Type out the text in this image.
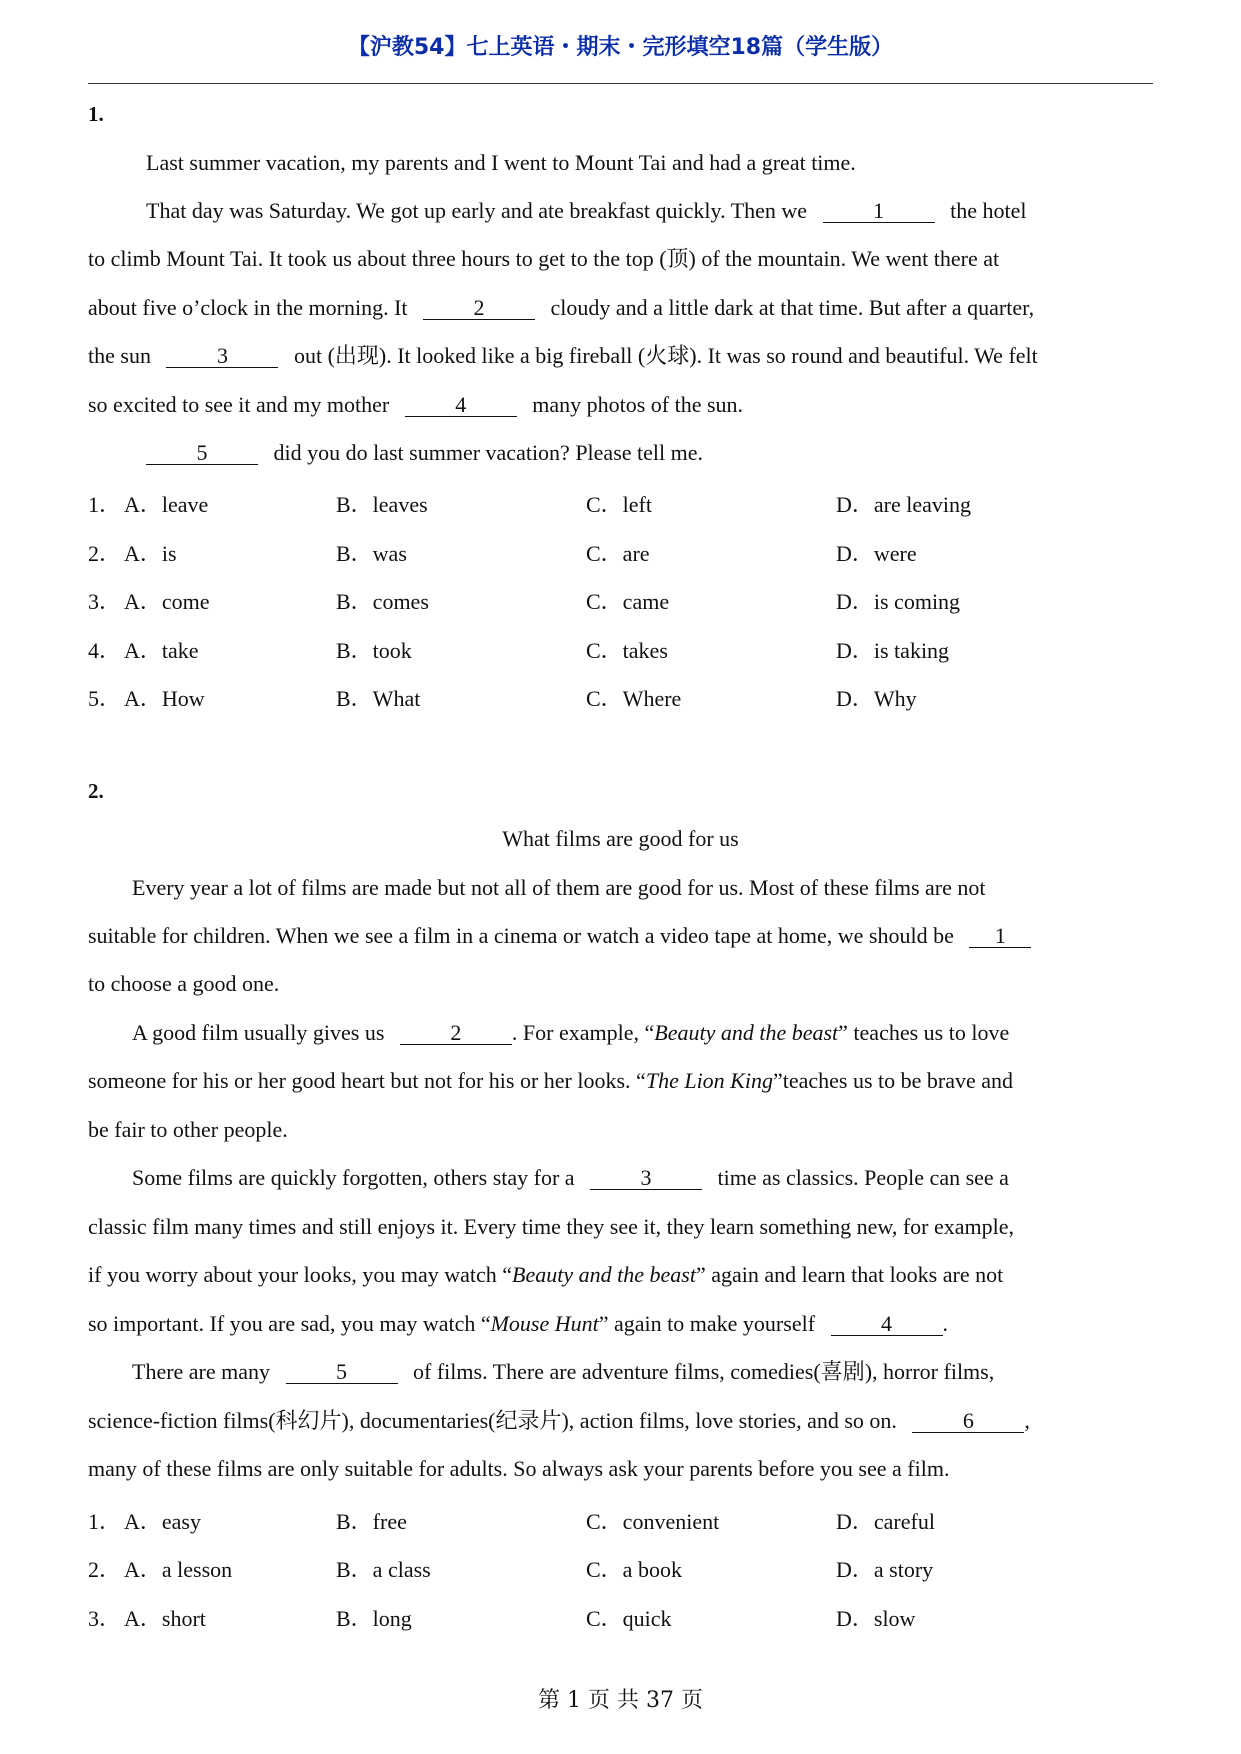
【沪教54】七上英语・期末・完形填空18篇（学生版）
1.
Last summer vacation, my parents and I went to Mount Tai and had a great time.
That day was Saturday. We got up early and ate breakfast quickly. Then we	1	the hotel
to climb Mount Tai. It took us about three hours to get to the top (顶) of the mountain. We went there at
about five o’clock in the morning. It	2	cloudy and a little dark at that time. But after a quarter,
the sun	3	out (出现). It looked like a big fireball (火球). It was so round and beautiful. We felt
so excited to see it and my mother	4	many photos of the sun.
5	did you do last summer vacation? Please tell me.
1． A．leave	B．leaves	C．left	D．are leaving
2． A．is	B．was	C．are	D．were
3． A．come	B．comes	C．came	D．is coming
4． A．take	B．took	C．takes	D．is taking
5． A．How	B．What	C．Where	D．Why
2.
What films are good for us
Every year a lot of films are made but not all of them are good for us. Most of these films are not
suitable for children. When we see a film in a cinema or watch a video tape at home, we should be 1
to choose a good one.
A good film usually gives us	2 . For example, “Beauty and the beast” teaches us to love
someone for his or her good heart but not for his or her looks. “The Lion King”teaches us to be brave and
be fair to other people.
Some films are quickly forgotten, others stay for a	3	time as classics. People can see a
classic film many times and still enjoys it. Every time they see it, they learn something new, for example,
if you worry about your looks, you may watch “Beauty and the beast” again and learn that looks are not
so important. If you are sad, you may watch “Mouse Hunt” again to make yourself	4 .
There are many	5	of films. There are adventure films, comedies(喜剧), horror films,
science-fiction films(科幻片), documentaries(纪录片), action films, love stories, and so on.	6 ,
many of these films are only suitable for adults. So always ask your parents before you see a film.
1． A．easy	B．free	C．convenient	D．careful
2． A．a lesson	B．a class	C．a book	D．a story
3． A．short	B．long	C．quick	D．slow
第 1 页 共 37 页
